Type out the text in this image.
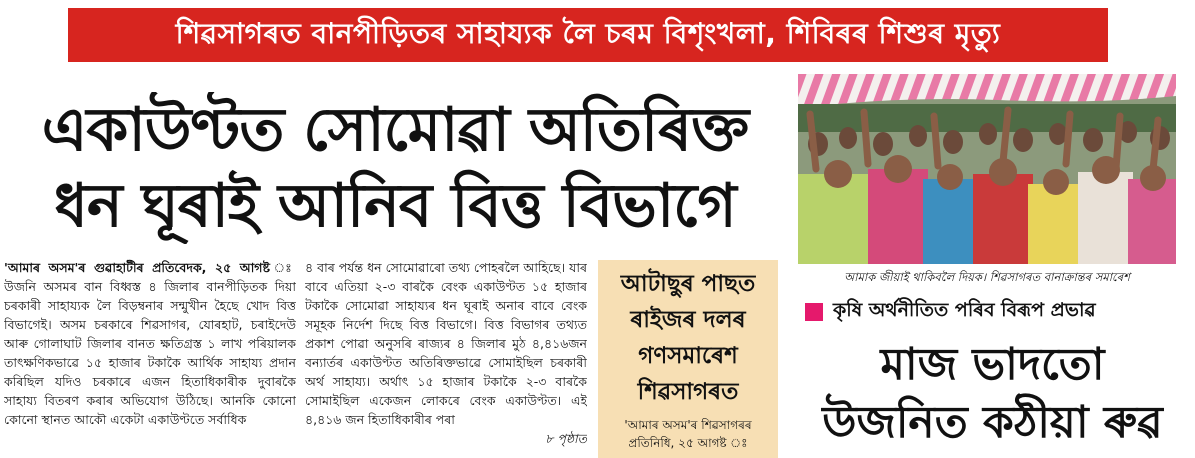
শিৱসাগৰত বানপীড়িতৰ সাহায্যক লৈ চৰম বিশৃংখলা, শিবিৰৰ শিশুৰ মৃত্যু
একাউণ্টত সোমোৱা অতিৰিক্ত
ধন ঘূৰাই আনিব বিত্ত বিভাগে
'আমাৰ অসম'ৰ গুৱাহাটীৰ প্ৰতিবেদক, ২৫ আগষ্ট উজনি অসমৰ বান বিধ্বস্ত ৪ জিলাৰ বানপীড়িতক দিয়া চৰকাৰী সাহায্যক লৈ বিড়ম্বনাৰ সন্মুখীন হৈছে খোদ বিত্ত বিভাগেই। অসম চৰকাৰে শিৱসাগৰ, যোৰহাট, চৰাইদেউ আৰু গোলাঘাট জিলাৰ বানত ক্ষতিগ্ৰস্ত ১ লাখ পৰিয়ালক তাৎক্ষণিকভাৱে ১৫ হাজাৰ টকাকৈ আৰ্থিক সাহায্য প্ৰদান কৰিছিল যদিও চৰকাৰে এজন হিতাধিকাৰীক দুবাৰকৈ সাহায্য বিতৰণ কৰাৰ অভিযোগ উঠিছে। আনকি কোনো কোনো স্থানত আকৌ একেটা একাউণ্টতে সৰ্বাধিক
৪ বাৰ পৰ্যন্ত ধন সোমোৱাৰো তথ্য পোহৰলৈ আহিছে। যাৰ বাবে এতিয়া ২-৩ বাৰকৈ বেংক একাউণ্টত ১৫ হাজাৰ টকাকৈ সোমোৱা সাহায্যৰ ধন ঘূৰাই অনাৰ বাবে বেংক সমূহক নিৰ্দেশ দিছে বিত্ত বিভাগে। বিত্ত বিভাগৰ তথ্যত প্ৰকাশ পোৱা অনুসৰি ৰাজ্যৰ ৪ জিলাৰ মুঠ ৪,৪১৬জন বন্যাৰ্তৰ একাউণ্টত অতিৰিক্তভাৱে সোমাইছিল চৰকাৰী অৰ্থ সাহায্য। অৰ্থাৎ ১৫ হাজাৰ টকাকৈ ২-৩ বাৰকৈ সোমাইছিল একেজন লোকৰে বেংক একাউণ্টত। এই ৪,৪১৬ জন হিতাধিকাৰীৰ পৰা
৮ পৃষ্ঠাত
আটাছুৰ পাছত
ৰাইজৰ দলৰ
গণসমাৰেশ
শিৱসাগৰত
'আমাৰ অসম'ৰ শিৱসাগৰৰ প্ৰতিনিধি, ২৫ আগষ্ট ঃ
আমাক জীয়াই থাকিবলৈ দিয়ক। শিৱসাগৰত বানাক্ৰান্তৰ সমাৰেশ
কৃষি অৰ্থনীতিত পৰিব বিৰূপ প্ৰভাৱ
মাজ ভাদতো
উজনিত কঠীয়া ৰুৱ
